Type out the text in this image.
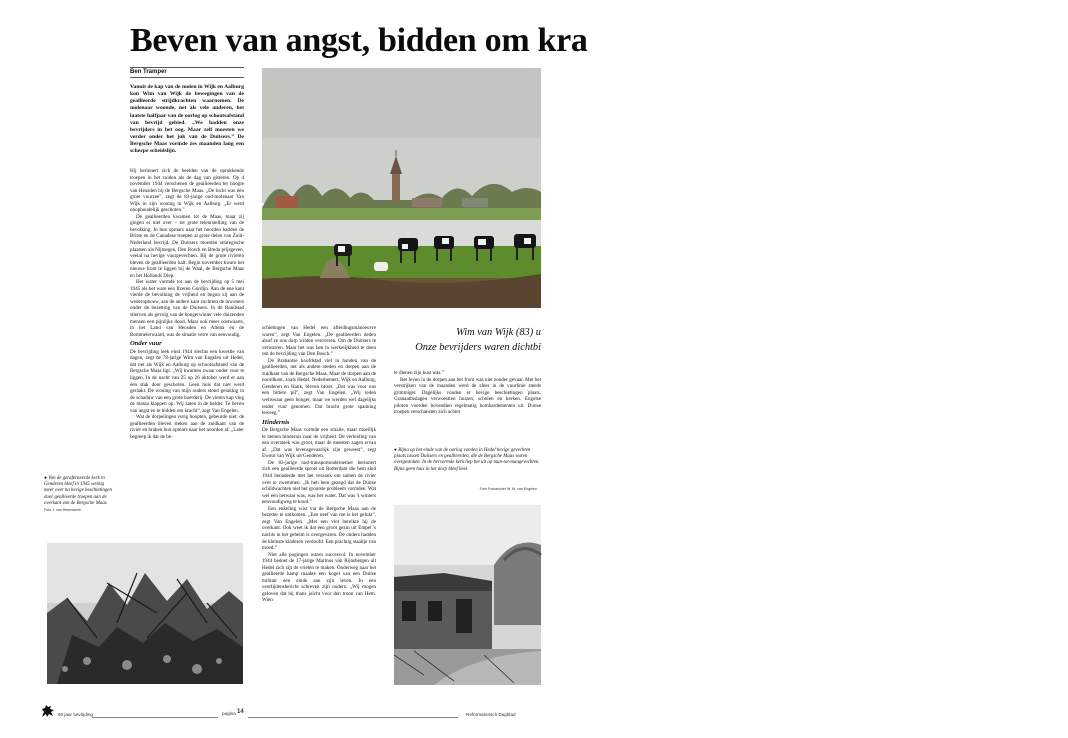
Beven van angst, bidden om kra
Ben Tramper
Vanuit de kap van de molen in Wijk en Aalburg kon Wim van Wijk de bewegingen van de geallieerde strijdkrachten waarnemen. De molenaar woonde, net als vele anderen, het laatste halfjaar van de oorlog op schootsafstand van bevrijd gebied. „We hadden onze bevrijders in het oog. Maar zelf moesten we verder onder het juk van de Duitsers.” De Bergsche Maas vormde zes maanden lang een scherpe scheidslijn.

Hij herinnert zich de beelden van de oprukkende troepen in het zuiden als de dag van gisteren. Op 4 november 1944 verschenen de geallieerden ter hoogte van Heusden bij de Bergsche Maas. „De lucht was één grote vuurzee”, zegt de 83-jarige oud-molenaar Van Wijk in zijn woning in Wijk en Aalburg. „Er werd onophoudelijk geschoten.”

De geallieerden kwamen tot de Maas, maar zij gingen er niet over – tot grote teleurstelling van de bevolking. In hun opmars naar het noorden hadden de Britse en de Canadese troepen al grote delen van Zuid-Nederland bevrijd. De Duitsers moesten strategische plaatsen als Nijmegen, Den Bosch en Breda prijsgeven, veelal na hevige vuurgevechten. Bij de grote rivieren bleven de geallieerden halt. Begin november kwam het nieuwe front te liggen bij de Waal, de Bergsche Maas en het Hollands Diep.

Het water vormde tot aan de bevrijding op 5 mei 1945 als het ware een Ilzeren Gordijn. Aan de ene kant vierde de bevolking de vrijheid en begon zij aan de wederopbouw, aan de andere kant zuchtten de inwoners onder de bezetting van de Duitsers. In de Randstad stierven als gevolg van de hongerwinter vele duizenden mensen een pijnlijke dood. Maar ook meer oostwaarts, in het Land van Heusden en Altena en de Bommelerwaard, was de situatie verre van eenvoudig.

Onder vuur

De bevrijding leek eind 1944 slechts een kwestie van dagen, zegt de 78-jarige Wim van Engelen uit Hedel, dat net als Wijk en Aalburg op schootsafstand van de Bergsche Maas ligt. „Wij kwamen zwaar onder vuur te liggen. In de nacht van 25 op 26 oktober werd er aan één stuk door geschoten. Geen huis dat niet werd geraakt. De woning van mijn ouders stond gelukkig in de schaduw van een grote boerderij. De vieren kap vlog de massa klappen op. Wij zaten in de kelder. Te beven van angst en te bidden om kracht”, zegt Van Engelen.

Wat de dorpelingen vurig hoopten, gebeurde niet: de geallieerden bleven steken aan de zuidkant van de rivier en braken hun opmars naar het noorden af. „Later begreep ik dat de be-

● Van de geraferneerde kerk in Genderen bleef in 1945 weinig meer over na hevige beschietingen door geallieerde troepen aan de overkant van de Bergsche Maas. Foto J. van Heemskerk

schietingen van Hedel een afleidingsmanoeuvre waren”, zegt Van Engelen. „De geallieerden deden alsof ze ons dorp wilden veroveren. Om de Duitsers te verwarren. Maar het was hen in werkelijkheid te doen om de bevrijding van Den Bosch.”

De Brabantse hoofdstad viel in handen van de geallieerden, net als andere steden en dorpen aan de zuidkant van de Bergsche Maas. Maar de dorpen aan de noordkant, zoals Hedel, Nederhemert, Wijk en Aalburg, Genderen en Hank, bleven bezet. „Dat was voor ons een bittere pil”, zegt Van Engelen. „Wij leden weliswaar geen honger, maar we werden wel dagelijks onder vuur genomen. Dat bracht grote spanning teweeg.”

Hindernis

De Bergsche Maas vormde een smalle, maar moeilijk te nemen hindernis naar de vrijheid. De verleiding van een oversteek was groot, maar de meesten zagen ervan af. „Dat was levensgevaarlijk zijn geweest”, zegt Ewout van Wijk uit Genderen.

De 83-jarige oud-transportondernemer herinnert zich een geallieerde sproei uit Rotterdam die hem sind 1944 benaderde met het verzoek om samen de rivier over te zwemmen. „Ik heb hem gezegd dat de Duitse schildwachten niet het grootste probleem vormden. Wat wel een betwaar was, was het water. Dat was 's winters eenvoudigweg te koud.”

Een enkeling wist via de Bergsche Maas aan de bezetter te ontkomen. „Een neef van me is het gelukt”, zegt Van Engelen. „Met een vlot bereikte hij de overkant. Ook weet ik dat een groot gezin uit Empel 's nachts in het geheim is overgevaren. De ouders hadden de kleinste kinderen verdoofd. Een prachtig staaltje van moed.”

Niet alle pogingen waren succesvol. In november 1944 bedoet de 17-jarige Marinus van Rijnsbergen uit Hedel zich zijt de vrieten te maken. Onderweg naar het geallieerde kamp maakte een kogel van een Duitse militair een einde aan zijn leven. In een overlijdensbericht schreven zijn ouders: „Wij mogen geloven dat hij thans juicht voor den troon van Hem. Wien

Wim van Wijk (83) u
Onze bevrijders waren dichtbi

te dienen zijn kust was.”

Het leven in de dorpen aan het front was niet zonder gevaar. Met het verstrijken van de maanden werd de sfeer in de vuurlinie steeds grimmiger. Dagelijks vonden er hevige beschietingen plaats. Granaatinslagen verwoestten huizen, scholen en kerken. Engelse piloten voerden bovendien regelmatig bombardementen uit. Duitse troepen verschansten zich achter

● Bijna op het einde van de oorlog vonden in Hedel hevige gevechten plaats tussen Duitsers en geallieerden, die de Bergsche Maas waren overgestoken. In de hervormde kerk liep het uit op mun-tot-mangevechten. Bijna geen huis in het dorp bleef heel.
Foto Fotoarchief W. M. van Engelen
60 jaar bevrijding	pagina 14	Reformatorisch Dagblad
